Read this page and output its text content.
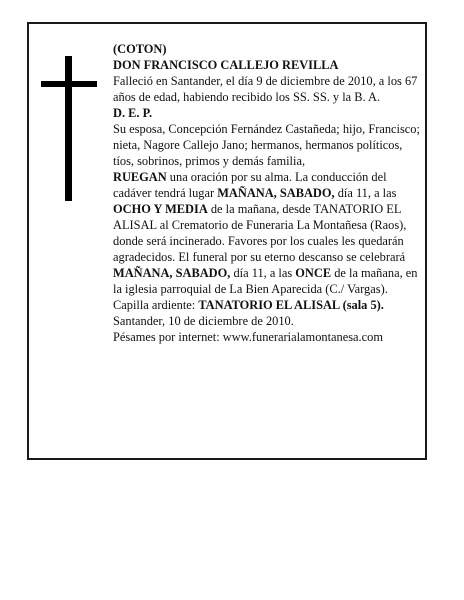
(COTON)

DON FRANCISCO CALLEJO REVILLA

Falleció en Santander, el día 9 de diciembre de 2010, a los 67 años de edad, habiendo recibido los SS. SS. y la B. A.

D. E. P.

Su esposa, Concepción Fernández Castañeda; hijo, Francisco; nieta, Nagore Callejo Jano; hermanos, hermanos políticos, tíos, sobrinos, primos y demás familia,

RUEGAN una oración por su alma. La conducción del cadáver tendrá lugar MAÑANA, SABADO, día 11, a las OCHO Y MEDIA de la mañana, desde TANATORIO EL ALISAL al Crematorio de Funeraria La Montañesa (Raos), donde será incinerado. Favores por los cuales les quedarán agradecidos. El funeral por su eterno descanso se celebrará MAÑANA, SABADO, día 11, a las ONCE de la mañana, en la iglesia parroquial de La Bien Aparecida (C./ Vargas). Capilla ardiente: TANATORIO EL ALISAL (sala 5).

Santander, 10 de diciembre de 2010.

Pésames por internet: www.funerarialamontanesa.com
